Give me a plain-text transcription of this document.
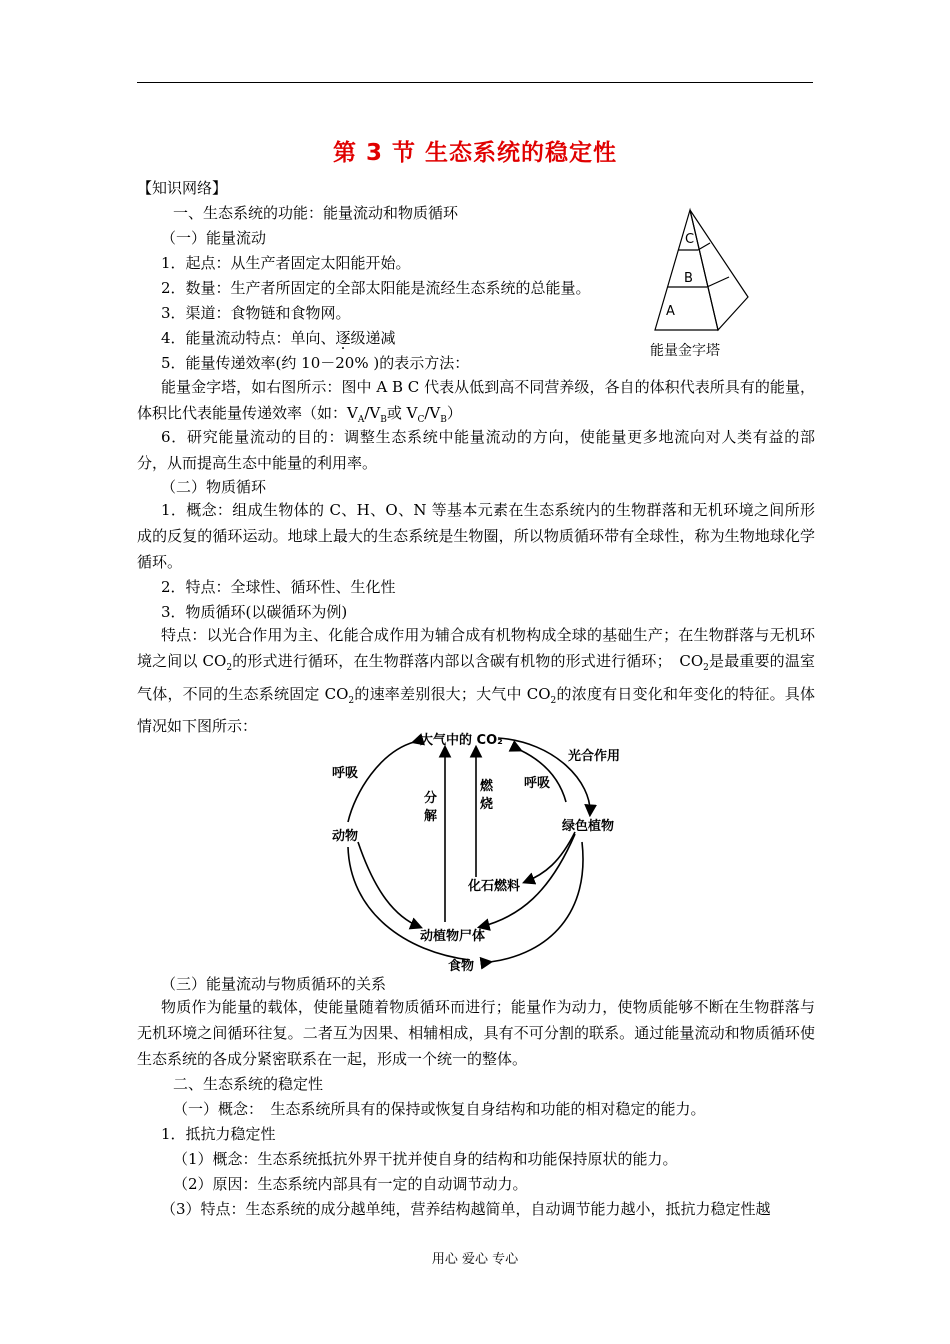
第 3 节 生态系统的稳定性
【知识网络】
一、生态系统的功能：能量流动和物质循环
（一）能量流动
1．起点：从生产者固定太阳能开始。
2．数量：生产者所固定的全部太阳能是流经生态系统的总能量。
3．渠道：食物链和食物网。
4．能量流动特点：单向、逐级递减 ·
5．能量传递效率(约 10－20% )的表示方法：
C
B
A
能量金字塔
能量金字塔，如右图所示：图中 A B C 代表从低到高不同营养级，各自的体积代表所具有的能量，体积比代表能量传递效率（如：$V_A/V_B$或 $V_C/V_B$）
6．研究能量流动的目的：调整生态系统中能量流动的方向，使能量更多地流向对人类有益的部分，从而提高生态中能量的利用率。
（二）物质循环
1．概念：组成生物体的 C、H、O、N 等基本元素在生态系统内的生物群落和无机环境之间所形成的反复的循环运动。地球上最大的生态系统是生物圈，所以物质循环带有全球性，称为生物地球化学循环。
2．特点：全球性、循环性、生化性
3．物质循环(以碳循环为例)
特点：以光合作用为主、化能合成作用为辅合成有机物构成全球的基础生产；在生物群落与无机环境之间以 $CO_2$的形式进行循环，在生物群落内部以含碳有机物的形式进行循环；　$CO_2$是最重要的温室气体，不同的生态系统固定 $CO_2$的速率差别很大；大气中 $CO_2$的浓度有日变化和年变化的特征。具体情况如下图所示：
大气中的 CO₂
光合作用
呼吸
呼吸
分
解
燃
烧
动物
绿色植物
化石燃料
动植物尸体
食物
（三）能量流动与物质循环的关系
物质作为能量的载体，使能量随着物质循环而进行；能量作为动力，使物质能够不断在生物群落与无机环境之间循环往复。二者互为因果、相辅相成，具有不可分割的联系。通过能量流动和物质循环使生态系统的各成分紧密联系在一起，形成一个统一的整体。
二、生态系统的稳定性
（一）概念：　生态系统所具有的保持或恢复自身结构和功能的相对稳定的能力。
1．抵抗力稳定性
（1）概念：生态系统抵抗外界干扰并使自身的结构和功能保持原状的能力。
（2）原因：生态系统内部具有一定的自动调节动力。
（3）特点：生态系统的成分越单纯，营养结构越简单，自动调节能力越小，抵抗力稳定性越
用心 爱心 专心
